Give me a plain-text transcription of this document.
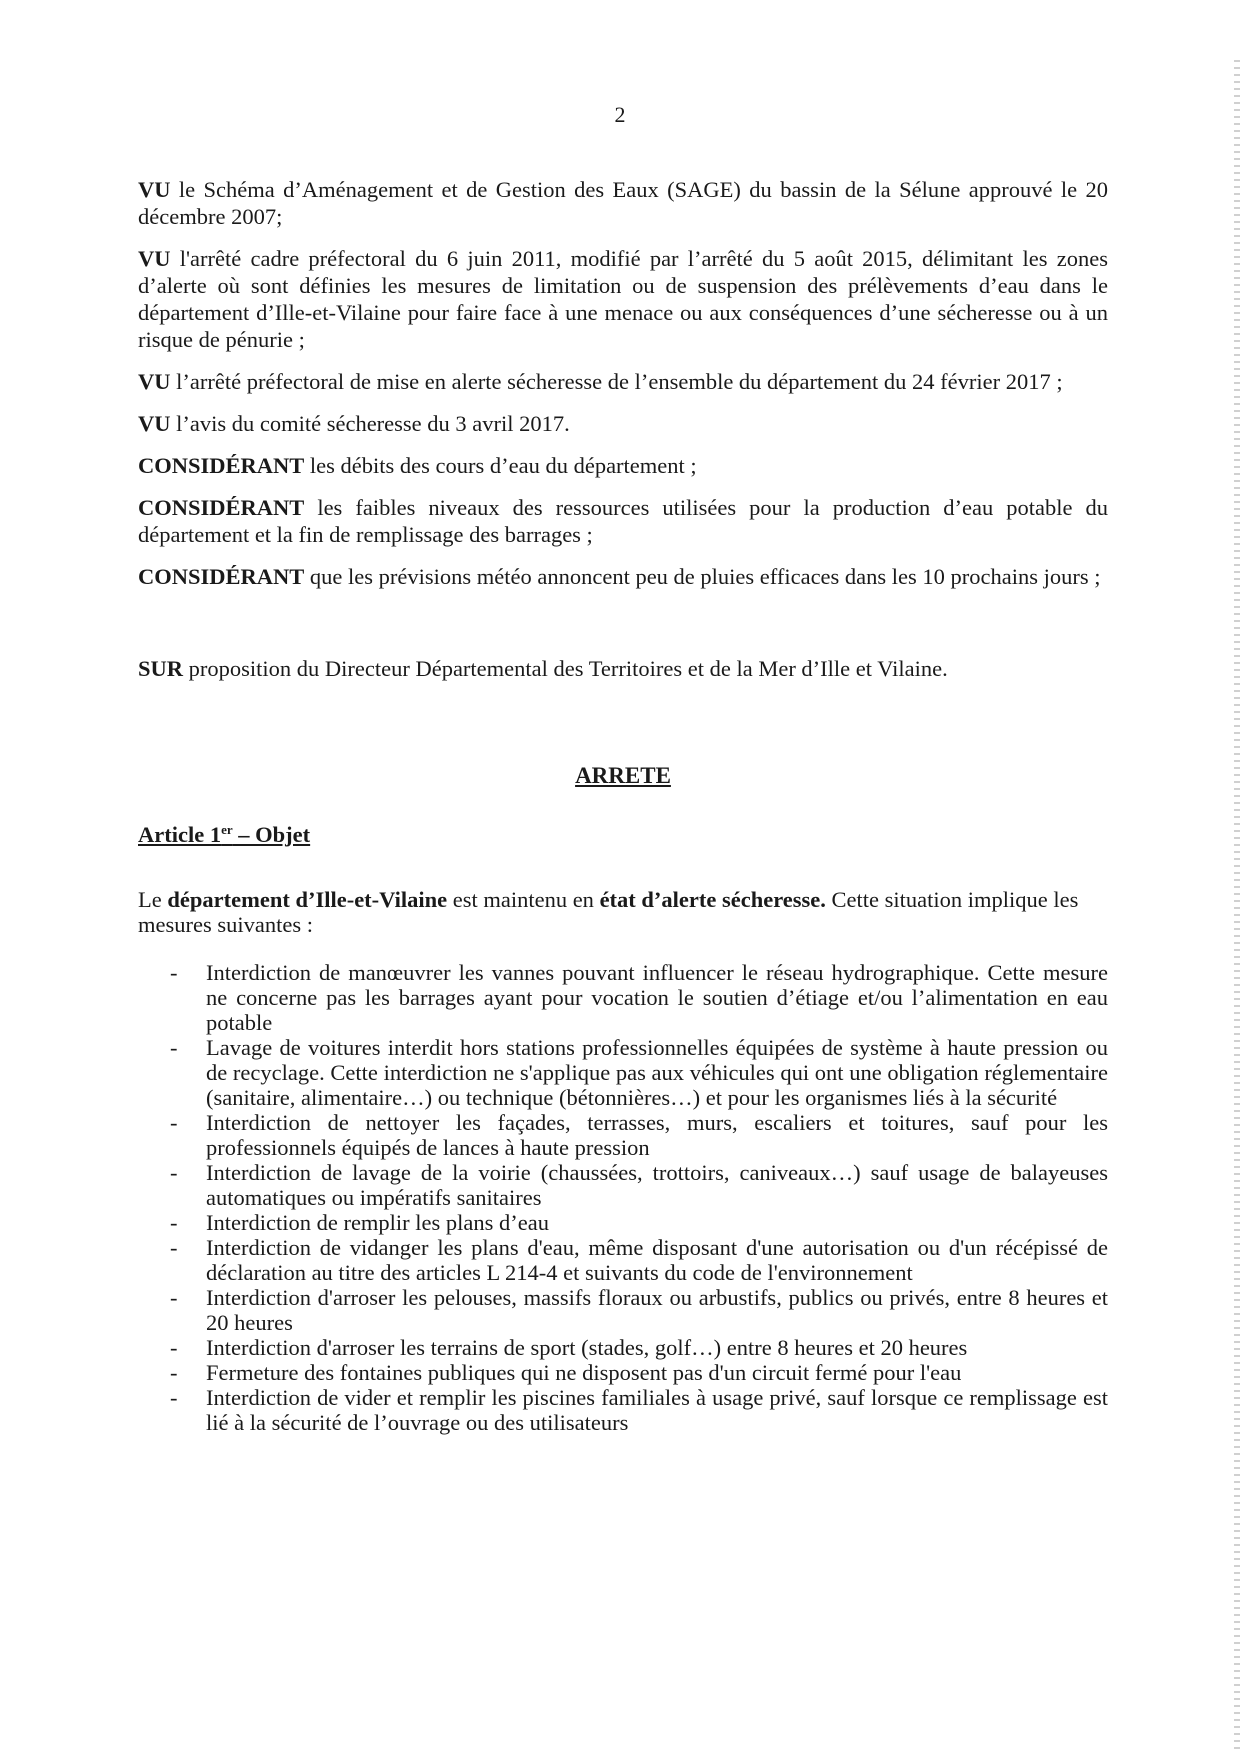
2

VU le Schéma d’Aménagement et de Gestion des Eaux (SAGE) du bassin de la Sélune approuvé le 20 décembre 2007;

VU l'arrêté cadre préfectoral du 6 juin 2011, modifié par l’arrêté du 5 août 2015, délimitant les zones d’alerte où sont définies les mesures de limitation ou de suspension des prélèvements d’eau dans le département d’Ille-et-Vilaine pour faire face à une menace ou aux conséquences d’une sécheresse ou à un risque de pénurie ;

VU l’arrêté préfectoral de mise en alerte sécheresse de l’ensemble du département du 24 février 2017 ;

VU l’avis du comité sécheresse du 3 avril 2017.

CONSIDÉRANT les débits des cours d’eau du département ;

CONSIDÉRANT les faibles niveaux des ressources utilisées pour la production d’eau potable du département et la fin de remplissage des barrages ;

CONSIDÉRANT que les prévisions météo annoncent peu de pluies efficaces dans les 10 prochains jours ;

SUR proposition du Directeur Départemental des Territoires et de la Mer d’Ille et Vilaine.

ARRETE
Article 1er – Objet

Le département d’Ille-et-Vilaine est maintenu en état d’alerte sécheresse. Cette situation implique les mesures suivantes :

- Interdiction de manœuvrer les vannes pouvant influencer le réseau hydrographique. Cette mesure ne concerne pas les barrages ayant pour vocation le soutien d’étiage et/ou l’alimentation en eau potable
- Lavage de voitures interdit hors stations professionnelles équipées de système à haute pression ou de recyclage. Cette interdiction ne s'applique pas aux véhicules qui ont une obligation réglementaire (sanitaire, alimentaire…) ou technique (bétonnières…) et pour les organismes liés à la sécurité
- Interdiction de nettoyer les façades, terrasses, murs, escaliers et toitures, sauf pour les professionnels équipés de lances à haute pression
- Interdiction de lavage de la voirie (chaussées, trottoirs, caniveaux…) sauf usage de balayeuses automatiques ou impératifs sanitaires
- Interdiction de remplir les plans d’eau
- Interdiction de vidanger les plans d'eau, même disposant d'une autorisation ou d'un récépissé de déclaration au titre des articles L 214-4 et suivants du code de l'environnement
- Interdiction d'arroser les pelouses, massifs floraux ou arbustifs, publics ou privés, entre 8 heures et 20 heures
- Interdiction d'arroser les terrains de sport (stades, golf…) entre 8 heures et 20 heures
- Fermeture des fontaines publiques qui ne disposent pas d'un circuit fermé pour l'eau
- Interdiction de vider et remplir les piscines familiales à usage privé, sauf lorsque ce remplissage est lié à la sécurité de l’ouvrage ou des utilisateurs
